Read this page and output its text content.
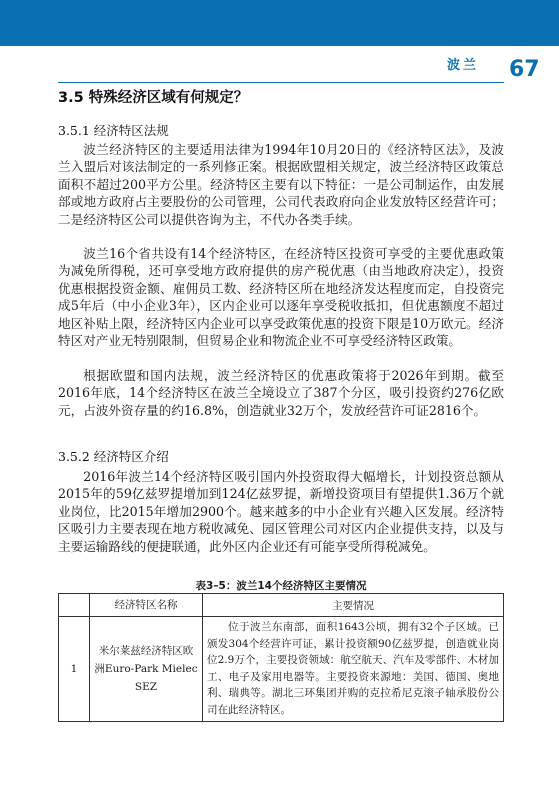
波兰 67
3.5 特殊经济区域有何规定？
3.5.1 经济特区法规

波兰经济特区的主要适用法律为1994年10月20日的《经济特区法》，及波兰入盟后对该法制定的一系列修正案。根据欧盟相关规定，波兰经济特区政策总面积不超过200平方公里。经济特区主要有以下特征：一是公司制运作，由发展部或地方政府占主要股份的公司管理，公司代表政府向企业发放特区经营许可；二是经济特区公司以提供咨询为主，不代办各类手续。

波兰16个省共设有14个经济特区，在经济特区投资可享受的主要优惠政策为减免所得税，还可享受地方政府提供的房产税优惠（由当地政府决定），投资优惠根据投资金额、雇佣员工数、经济特区所在地经济发达程度而定，自投资完成5年后（中小企业3年），区内企业可以逐年享受税收抵扣，但优惠额度不超过地区补贴上限，经济特区内企业可以享受政策优惠的投资下限是10万欧元。经济特区对产业无特别限制，但贸易企业和物流企业不可享受经济特区政策。

根据欧盟和国内法规，波兰经济特区的优惠政策将于2026年到期。截至2016年底，14个经济特区在波兰全境设立了387个分区，吸引投资约276亿欧元，占波外资存量的约16.8%，创造就业32万个，发放经营许可证2816个。

3.5.2 经济特区介绍

2016年波兰14个经济特区吸引国内外投资取得大幅增长，计划投资总额从2015年的59亿兹罗提增加到124亿兹罗提，新增投资项目有望提供1.36万个就业岗位，比2015年增加2900个。越来越多的中小企业有兴趣入区发展。经济特区吸引力主要表现在地方税收减免、园区管理公司对区内企业提供支持，以及与主要运输路线的便捷联通，此外区内企业还有可能享受所得税减免。

表3–5：波兰14个经济特区主要情况
	经济特区名称	主要情况
1	米尔莱兹经济特区欧洲Euro-Park Mielec SEZ	位于波兰东南部，面积1643公顷，拥有32个子区域。已颁发304个经营许可证，累计投资额90亿兹罗提，创造就业岗位2.9万个，主要投资领域：航空航天、汽车及零部件、木材加工、电子及家用电器等。主要投资来源地：美国、德国、奥地利、瑞典等。湖北三环集团并购的克拉希尼克滚子轴承股份公司在此经济特区。
